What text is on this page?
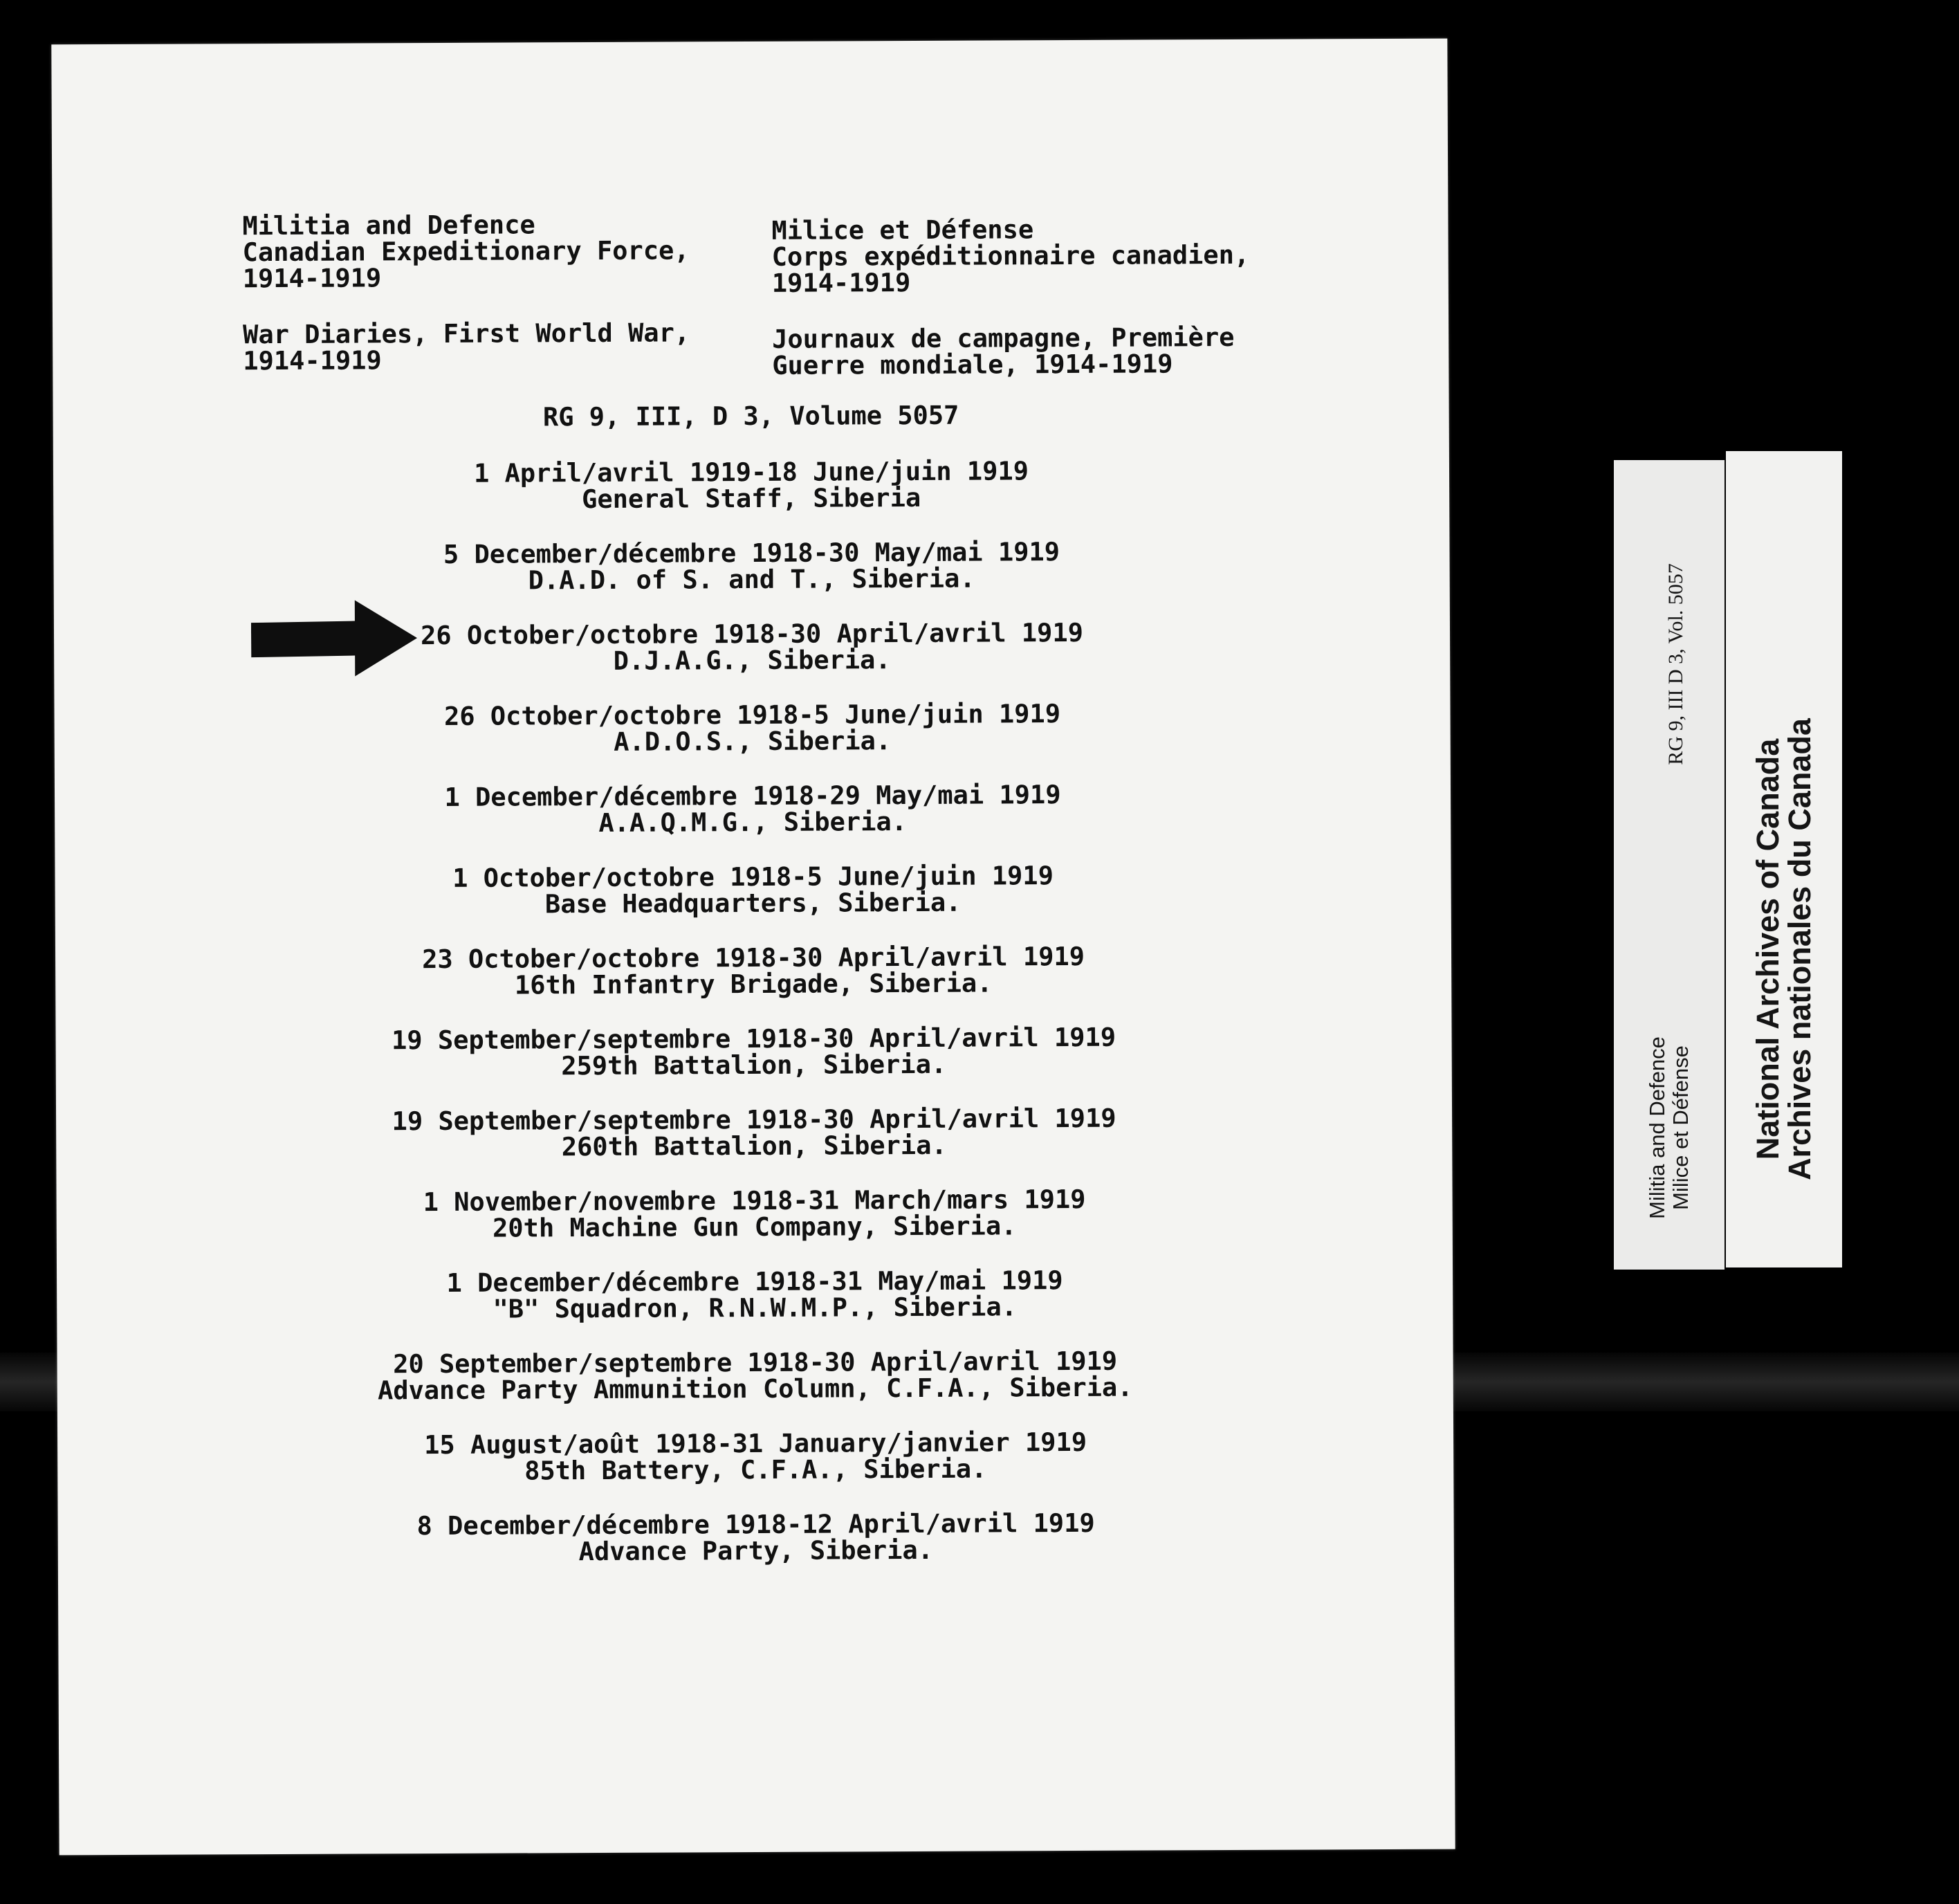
Militia and Defence
Canadian Expeditionary Force,
1914-1919
Milice et Défense
Corps expéditionnaire canadien,
1914-1919
War Diaries, First World War,
1914-1919
Journaux de campagne, Première
Guerre mondiale, 1914-1919
RG 9, III, D 3, Volume 5057
1 April/avril 1919-18 June/juin 1919
General Staff, Siberia
5 December/décembre 1918-30 May/mai 1919
D.A.D. of S. and T., Siberia.
26 October/octobre 1918-30 April/avril 1919
D.J.A.G., Siberia.
26 October/octobre 1918-5 June/juin 1919
A.D.O.S., Siberia.
1 December/décembre 1918-29 May/mai 1919
A.A.Q.M.G., Siberia.
1 October/octobre 1918-5 June/juin 1919
Base Headquarters, Siberia.
23 October/octobre 1918-30 April/avril 1919
16th Infantry Brigade, Siberia.
19 September/septembre 1918-30 April/avril 1919
259th Battalion, Siberia.
19 September/septembre 1918-30 April/avril 1919
260th Battalion, Siberia.
1 November/novembre 1918-31 March/mars 1919
20th Machine Gun Company, Siberia.
1 December/décembre 1918-31 May/mai 1919
"B" Squadron, R.N.W.M.P., Siberia.
20 September/septembre 1918-30 April/avril 1919
Advance Party Ammunition Column, C.F.A., Siberia.
15 August/août 1918-31 January/janvier 1919
85th Battery, C.F.A., Siberia.
8 December/décembre 1918-12 April/avril 1919
Advance Party, Siberia.
RG 9, III D 3, Vol. 5057
Militia and Defence Milice et Défense National Archives of Canada
Archives nationales du Canada
